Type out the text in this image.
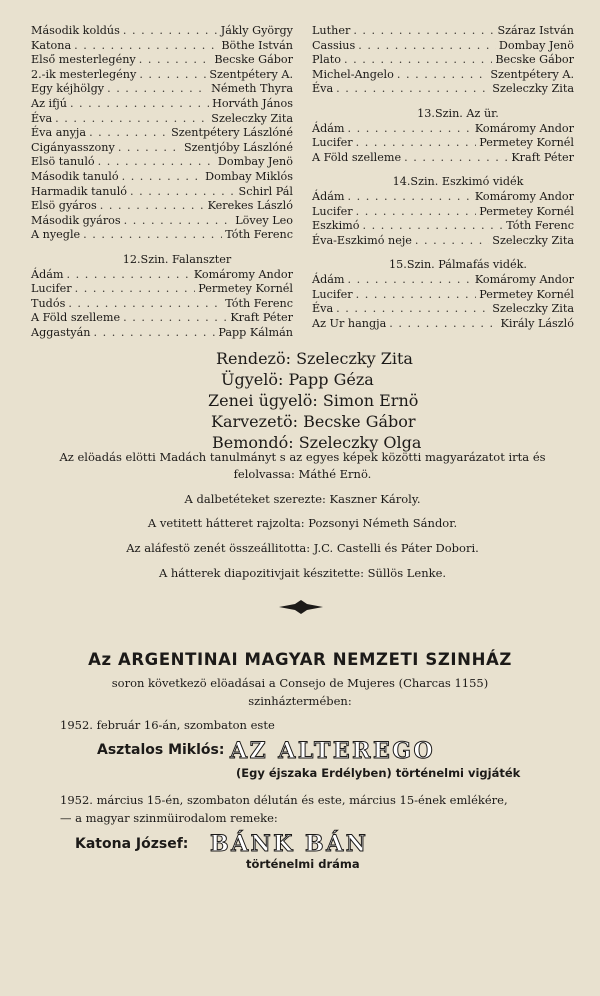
Második koldús . . .	Jákly György
Katona . . .	Böthe István
Első mesterlegény . . .	Becske Gábor
2.-ik mesterlegény . . .	Szentpétery A.
Egy kéjhölgy . . .	Németh Thyra
Az ifjú . . .	Horváth János
Éva . . .	Szeleczky Zita
Éva anyja . . .	Szentpétery Lászlóné
Cigányasszony . . .	Szentjóby Lászlóné
Elsö tanuló . . .	Dombay Jenö
Második tanuló . . .	Dombay Miklós
Harmadik tanuló . . .	Schirl Pál
Elsö gyáros . . .	Kerekes László
Második gyáros . . .	Lövey Leo
A nyegle . . .	Tóth Ferenc
12.Szin. Falanszter
Ádám . . .	Komáromy Andor
Lucifer . . .	Permetey Kornél
Tudós . . .	Tóth Ferenc
A Föld szelleme . . .	Kraft Péter
Aggastyán . . .	Papp Kálmán
Luther . . .	Száraz István
Cassius . . .	Dombay Jenö
Plato . . .	Becske Gábor
Michel-Angelo . . .	Szentpétery A.
Éva . . .	Szeleczky Zita
13.Szin. Az ür.
Ádám . . .	Komáromy Andor
Lucifer . . .	Permetey Kornél
A Föld szelleme . . .	Kraft Péter
14.Szin. Eszkimó vidék
Ádám . . .	Komáromy Andor
Lucifer . . .	Permetey Kornél
Eszkimó . . .	Tóth Ferenc
Éva-Eszkimó neje . . .	Szeleczky Zita
15.Szin. Pálmafás vidék.
Ádám . . .	Komáromy Andor
Lucifer . . .	Permetey Kornél
Éva . . .	Szeleczky Zita
Az Ur hangja . . .	Király László
Rendezö: Szeleczky Zita
Ügyelö: Papp Géza
Zenei ügyelö: Simon Ernö
Karvezetö: Becske Gábor
Bemondó: Szeleczky Olga
Az elöadás elötti Madách tanulmányt s az egyes képek közötti magyarázatot irta és felolvassa: Máthé Ernö.
A dalbetéteket szerezte: Kaszner Károly.
A vetitett hátteret rajzolta: Pozsonyi Németh Sándor.
Az aláfestö zenét összeállitotta: J.C. Castelli és Páter Dobori.
A hátterek diapozitivjait készitette: Süllös Lenke.
Az ARGENTINAI MAGYAR NEMZETI SZINHÁZ
soron következö elöadásai a Consejo de Mujeres (Charcas 1155)
szinháztermében:
1952. február 16-án, szombaton este
Asztalos Miklós: AZ ALTEREGO
(Egy éjszaka Erdélyben) történelmi vigjáték
1952. március 15-én, szombaton délután és este, március 15-ének emlékére,
— a magyar szinmüirodalom remeke:
Katona József: BÁNK BÁN
történelmi dráma
